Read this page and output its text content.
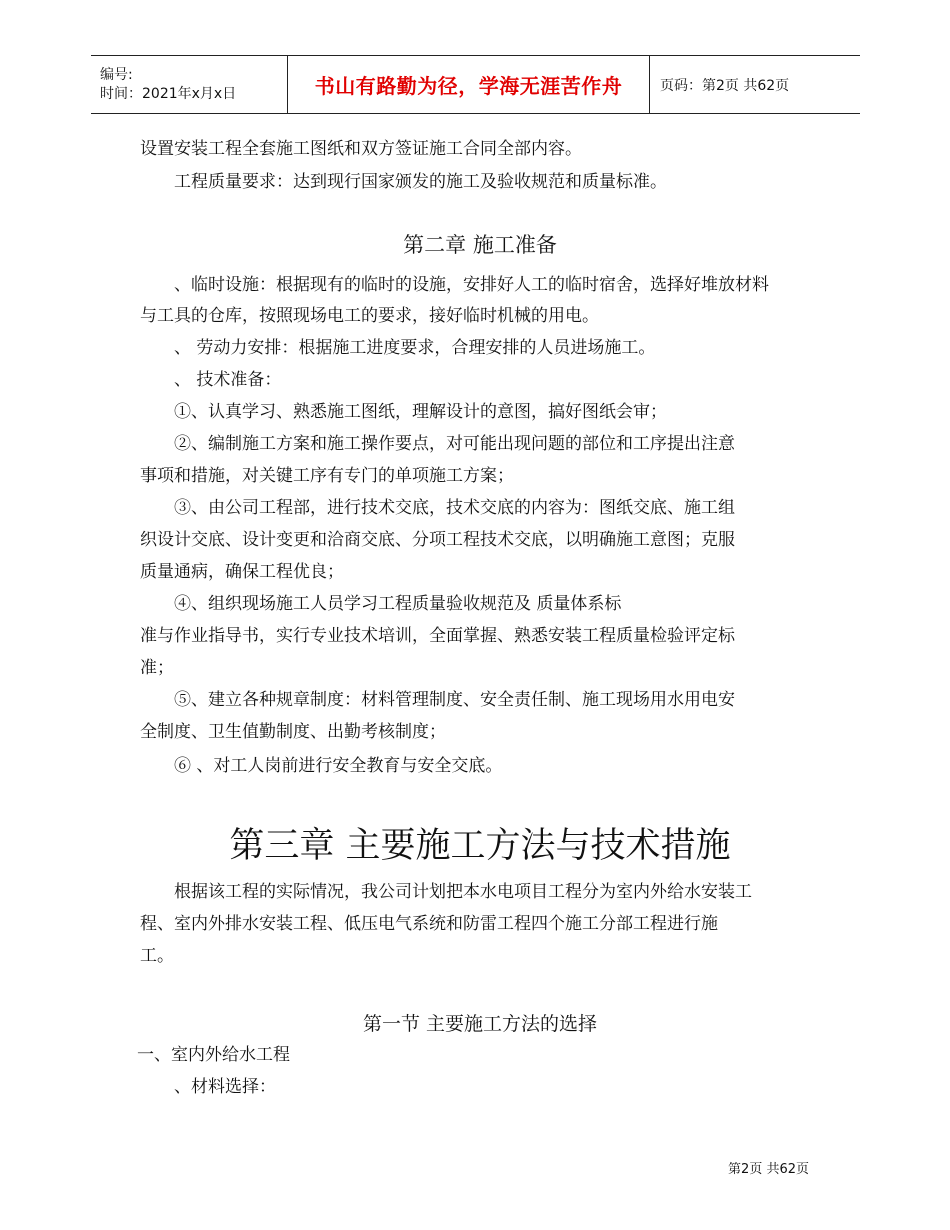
编号:
时间：2021年x月x日	书山有路勤为径，学海无涯苦作舟	页码：第2页 共62页
设置安装工程全套施工图纸和双方签证施工合同全部内容。
工程质量要求：达到现行国家颁发的施工及验收规范和质量标准。
第二章 施工准备
、临时设施：根据现有的临时的设施，安排好人工的临时宿舍，选择好堆放材料
与工具的仓库，按照现场电工的要求，接好临时机械的用电。
、 劳动力安排：根据施工进度要求，合理安排的人员进场施工。
、 技术准备：
①、认真学习、熟悉施工图纸，理解设计的意图，搞好图纸会审；
②、编制施工方案和施工操作要点，对可能出现问题的部位和工序提出注意
事项和措施，对关键工序有专门的单项施工方案；
③、由公司工程部，进行技术交底，技术交底的内容为：图纸交底、施工组
织设计交底、设计变更和洽商交底、分项工程技术交底，以明确施工意图；克服
质量通病，确保工程优良；
④、组织现场施工人员学习工程质量验收规范及 质量体系标
准与作业指导书，实行专业技术培训，全面掌握、熟悉安装工程质量检验评定标
准；
⑤、建立各种规章制度：材料管理制度、安全责任制、施工现场用水用电安
全制度、卫生值勤制度、出勤考核制度；
⑥ 、对工人岗前进行安全教育与安全交底。
第三章 主要施工方法与技术措施
根据该工程的实际情况，我公司计划把本水电项目工程分为室内外给水安装工
程、室内外排水安装工程、低压电气系统和防雷工程四个施工分部工程进行施
工。
第一节 主要施工方法的选择
一、室内外给水工程
、材料选择：
第2页 共62页
